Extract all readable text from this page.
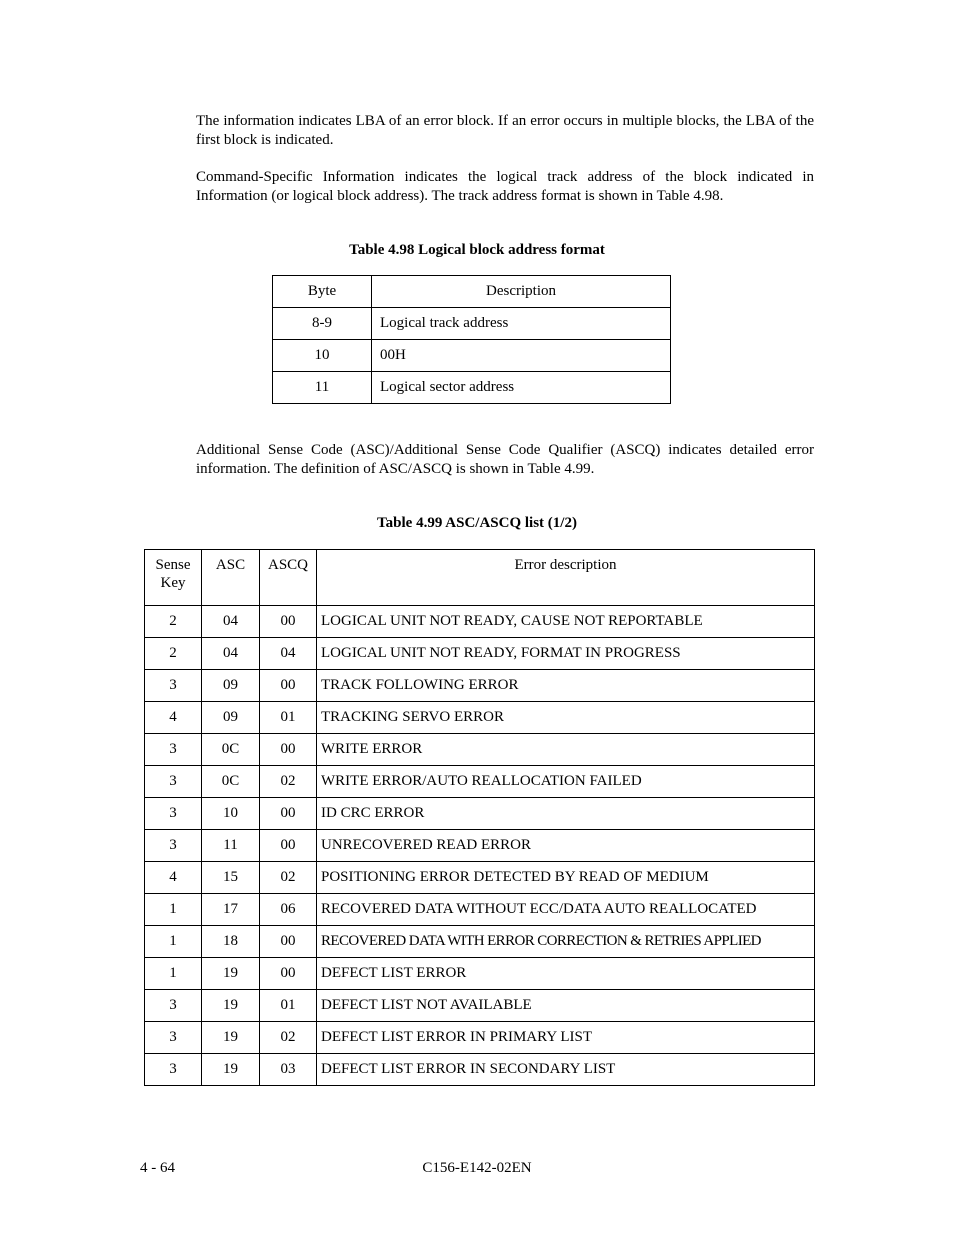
The information indicates LBA of an error block. If an error occurs in multiple blocks, the LBA of the first block is indicated.

Command-Specific Information indicates the logical track address of the block indicated in Information (or logical block address). The track address format is shown in Table 4.98.

Table 4.98 Logical block address format

Byte	Description
8-9	Logical track address
10	00H
11	Logical sector address

Additional Sense Code (ASC)/Additional Sense Code Qualifier (ASCQ) indicates detailed error information. The definition of ASC/ASCQ is shown in Table 4.99.

Table 4.99 ASC/ASCQ list (1/2)

Sense Key	ASC	ASCQ	Error description
2	04	00	LOGICAL UNIT NOT READY, CAUSE NOT REPORTABLE
2	04	04	LOGICAL UNIT NOT READY, FORMAT IN PROGRESS
3	09	00	TRACK FOLLOWING ERROR
4	09	01	TRACKING SERVO ERROR
3	0C	00	WRITE ERROR
3	0C	02	WRITE ERROR/AUTO REALLOCATION FAILED
3	10	00	ID CRC ERROR
3	11	00	UNRECOVERED READ ERROR
4	15	02	POSITIONING ERROR DETECTED BY READ OF MEDIUM
1	17	06	RECOVERED DATA WITHOUT ECC/DATA AUTO REALLOCATED
1	18	00	RECOVERED DATA WITH ERROR CORRECTION & RETRIES APPLIED
1	19	00	DEFECT LIST ERROR
3	19	01	DEFECT LIST NOT AVAILABLE
3	19	02	DEFECT LIST ERROR IN PRIMARY LIST
3	19	03	DEFECT LIST ERROR IN SECONDARY LIST

4 - 64	C156-E142-02EN
